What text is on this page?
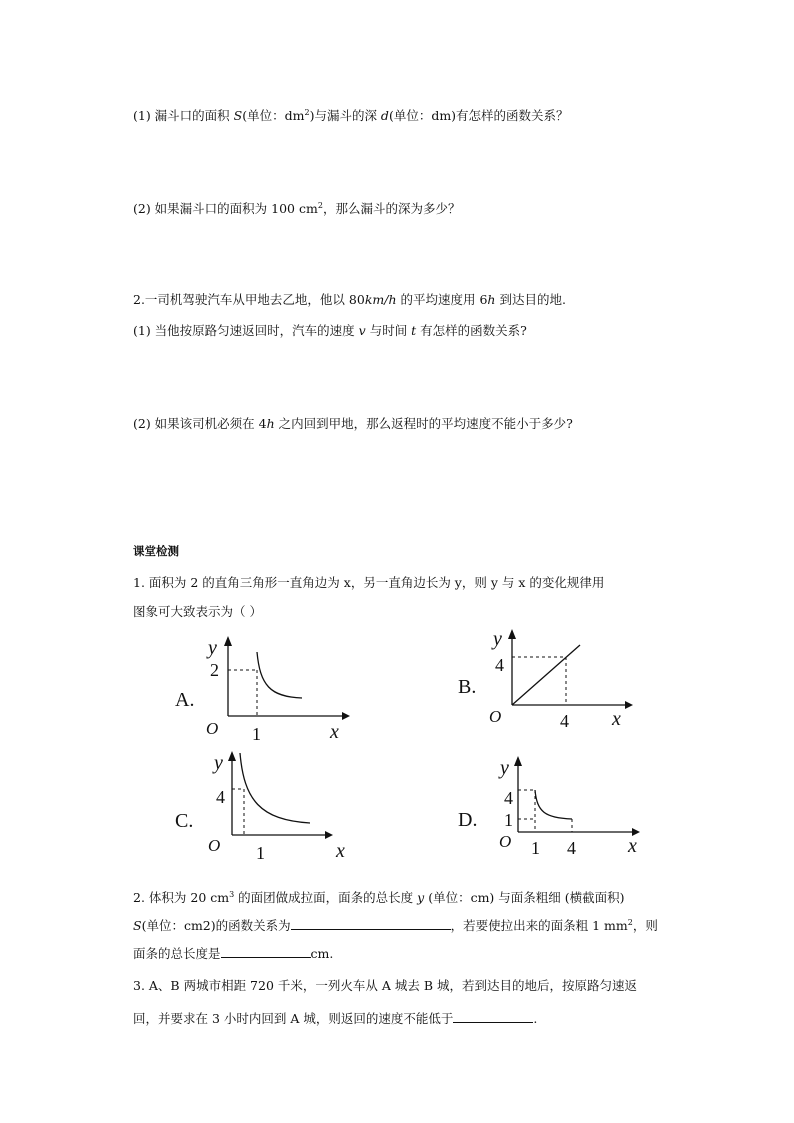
(1) 漏斗口的面积 S(单位：$dm^2$)与漏斗的深 d(单位：dm)有怎样的函数关系？
(2) 如果漏斗口的面积为 100 $cm^2$，那么漏斗的深为多少？
2.一司机驾驶汽车从甲地去乙地，他以 80km/h 的平均速度用 6h 到达目的地.
(1) 当他按原路匀速返回时，汽车的速度 v 与时间 t 有怎样的函数关系?
(2) 如果该司机必须在 4h 之内回到甲地，那么返程时的平均速度不能小于多少?
课堂检测
1. 面积为 2 的直角三角形一直角边为 x，另一直角边长为 y，则 y 与 x 的变化规律用
图象可大致表示为（ ）
A.
y
x
O
2
1
B.
y
x
O
4
4
C.
y
x
O
4
1
D.
y
x
O
4
1
1 4
2. 体积为 20 $cm^3$ 的面团做成拉面，面条的总长度 y (单位：cm) 与面条粗细 (横截面积)
S(单位：cm2)的函数关系为	，若要使拉出来的面条粗 1 $mm^2$，则
面条的总长度是	cm.
3. A、B 两城市相距 720 千米，一列火车从 A 城去 B 城，若到达目的地后，按原路匀速返
回，并要求在 3 小时内回到 A 城，则返回的速度不能低于	.
